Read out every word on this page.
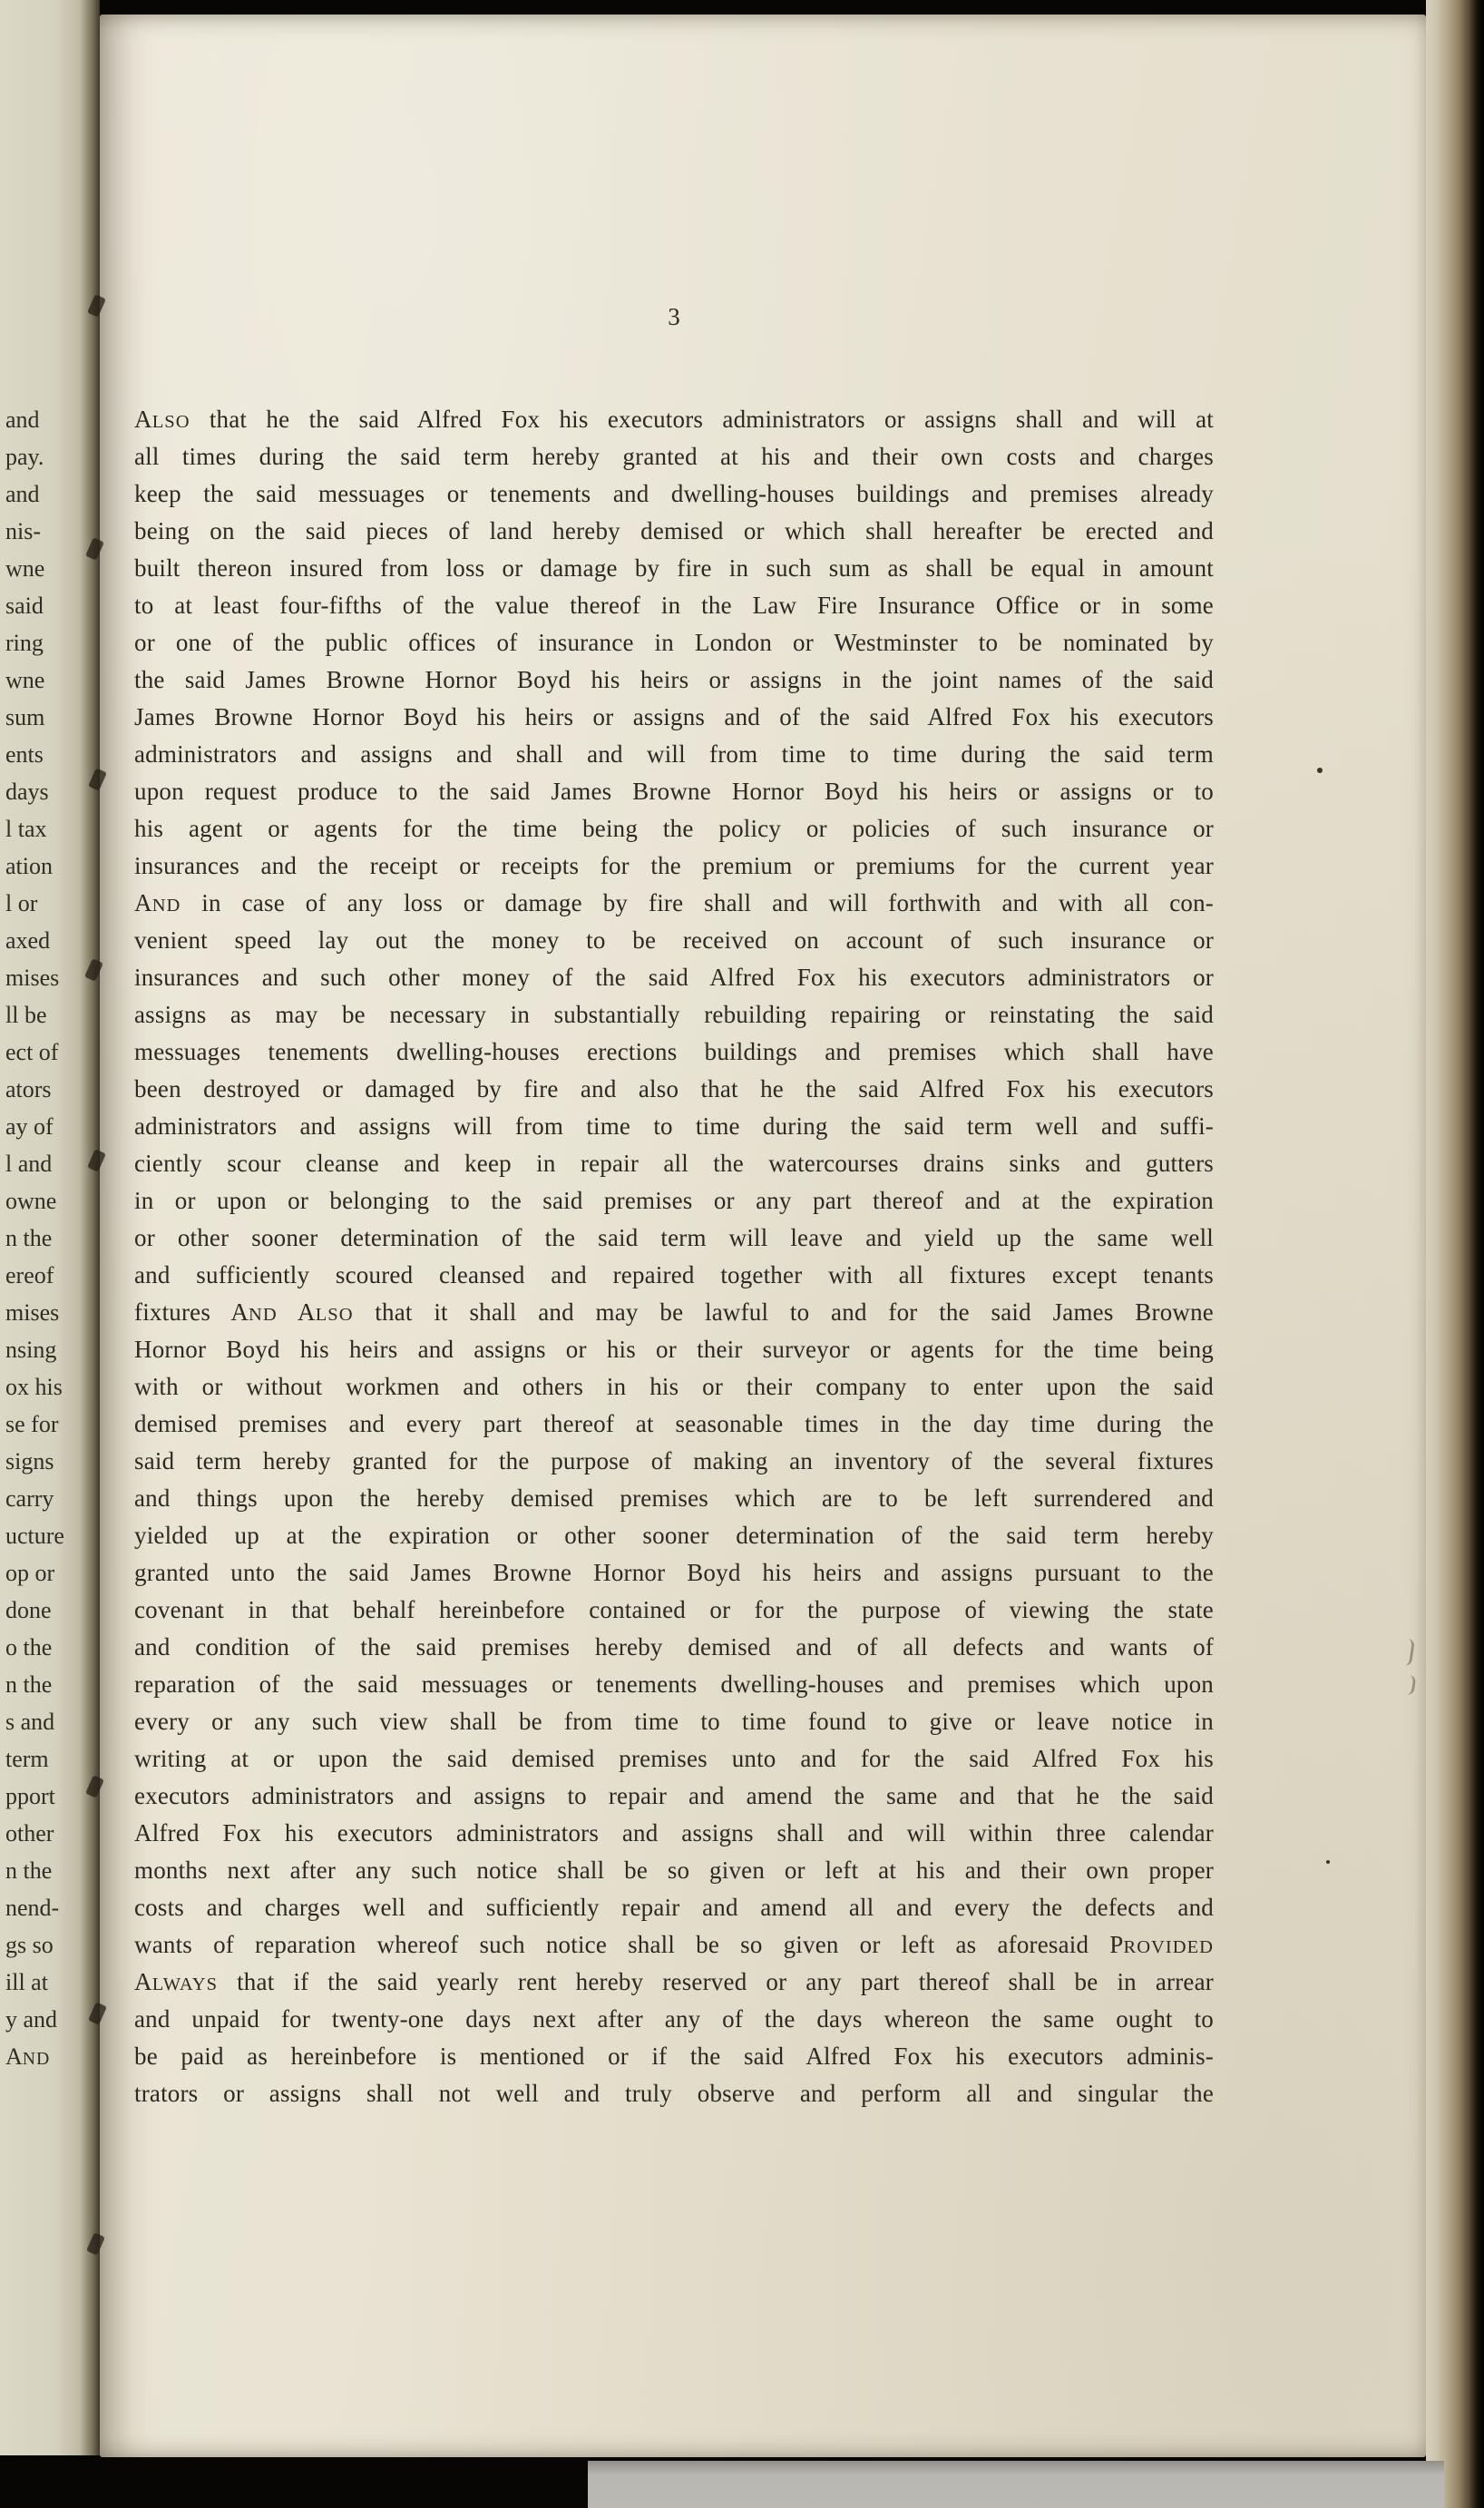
and
pay.
and
nis-
wne
said
ring
wne
sum
ents
days
l tax
ation
l or
axed
mises
ll be
ect of
ators
ay of
l and
owne
n the
ereof
mises
nsing
ox his
se for
signs
carry
ucture
op or
done
o the
n the
s and
term
pport
other
n the
nend-
gs so
ill at
y and
AND
3
ALSO that he the said Alfred Fox his executors administrators or assigns shall and will at
all times during the said term hereby granted at his and their own costs and charges
keep the said messuages or tenements and dwelling-houses buildings and premises already
being on the said pieces of land hereby demised or which shall hereafter be erected and
built thereon insured from loss or damage by fire in such sum as shall be equal in amount
to at least four-fifths of the value thereof in the Law Fire Insurance Office or in some
or one of the public offices of insurance in London or Westminster to be nominated by
the said James Browne Hornor Boyd his heirs or assigns in the joint names of the said
James Browne Hornor Boyd his heirs or assigns and of the said Alfred Fox his executors
administrators and assigns and shall and will from time to time during the said term
upon request produce to the said James Browne Hornor Boyd his heirs or assigns or to
his agent or agents for the time being the policy or policies of such insurance or
insurances and the receipt or receipts for the premium or premiums for the current year
AND in case of any loss or damage by fire shall and will forthwith and with all con-
venient speed lay out the money to be received on account of such insurance or
insurances and such other money of the said Alfred Fox his executors administrators or
assigns as may be necessary in substantially rebuilding repairing or reinstating the said
messuages tenements dwelling-houses erections buildings and premises which shall have
been destroyed or damaged by fire and also that he the said Alfred Fox his executors
administrators and assigns will from time to time during the said term well and suffi-
ciently scour cleanse and keep in repair all the watercourses drains sinks and gutters
in or upon or belonging to the said premises or any part thereof and at the expiration
or other sooner determination of the said term will leave and yield up the same well
and sufficiently scoured cleansed and repaired together with all fixtures except tenants
fixtures AND ALSO that it shall and may be lawful to and for the said James Browne
Hornor Boyd his heirs and assigns or his or their surveyor or agents for the time being
with or without workmen and others in his or their company to enter upon the said
demised premises and every part thereof at seasonable times in the day time during the
said term hereby granted for the purpose of making an inventory of the several fixtures
and things upon the hereby demised premises which are to be left surrendered and
yielded up at the expiration or other sooner determination of the said term hereby
granted unto the said James Browne Hornor Boyd his heirs and assigns pursuant to the
covenant in that behalf hereinbefore contained or for the purpose of viewing the state
and condition of the said premises hereby demised and of all defects and wants of
reparation of the said messuages or tenements dwelling-houses and premises which upon
every or any such view shall be from time to time found to give or leave notice in
writing at or upon the said demised premises unto and for the said Alfred Fox his
executors administrators and assigns to repair and amend the same and that he the said
Alfred Fox his executors administrators and assigns shall and will within three calendar
months next after any such notice shall be so given or left at his and their own proper
costs and charges well and sufficiently repair and amend all and every the defects and
wants of reparation whereof such notice shall be so given or left as aforesaid PROVIDED
ALWAYS that if the said yearly rent hereby reserved or any part thereof shall be in arrear
and unpaid for twenty-one days next after any of the days whereon the same ought to
be paid as hereinbefore is mentioned or if the said Alfred Fox his executors adminis-
trators or assigns shall not well and truly observe and perform all and singular the
